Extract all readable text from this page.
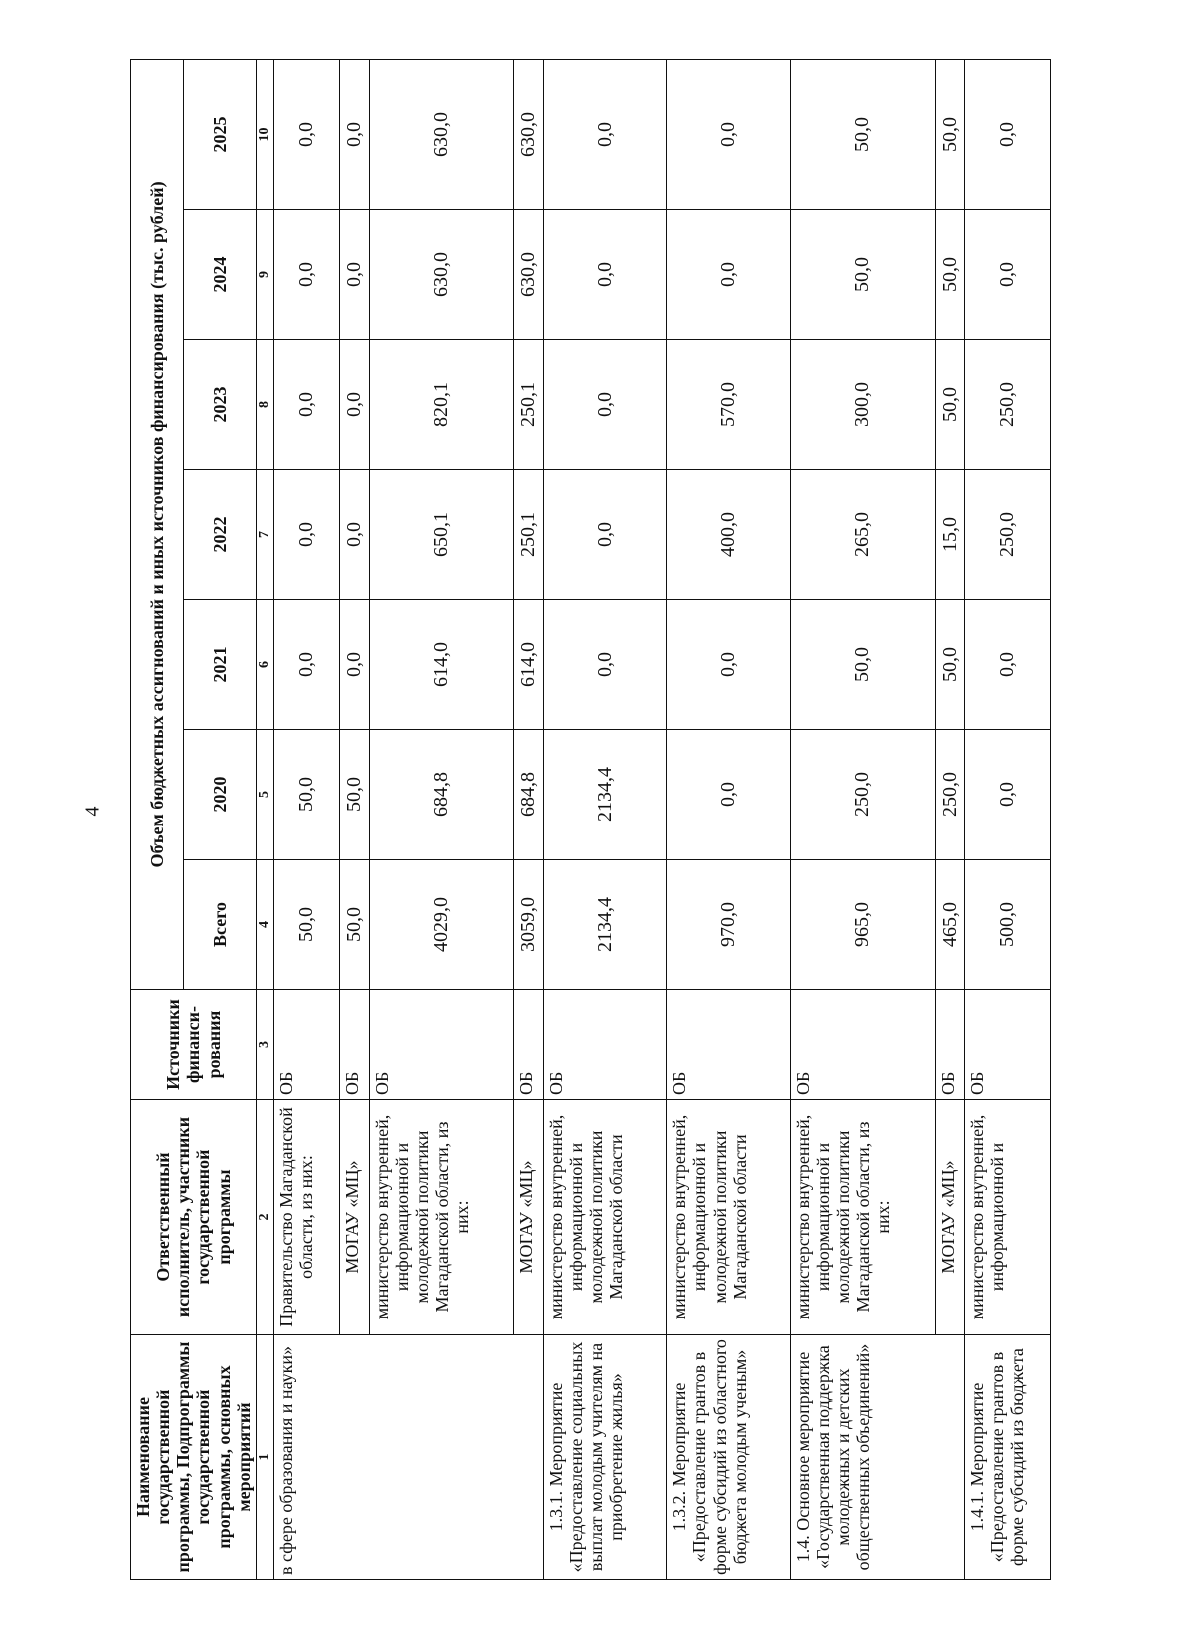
4
Наименование государственной программы, Подпрограммы государственной программы, основных мероприятий	Ответственный исполнитель, участники государственной программы	Источники финанси- рования	Объем бюджетных ассигнований и иных источников финансирования (тыс. рублей)						
			Всего	2020	2021	2022	2023	2024	2025
1	2	3	4	5	6	7	8	9	10
в сфере образования и науки»	Правительство Магаданской области, из них:	ОБ	50,0	50,0	0,0	0,0	0,0	0,0	0,0
	МОГАУ «МЦ»	ОБ	50,0	50,0	0,0	0,0	0,0	0,0	0,0
	министерство внутренней, информационной и молодежной политики Магаданской области, из них:	ОБ	4029,0	684,8	614,0	650,1	820,1	630,0	630,0
	МОГАУ «МЦ»	ОБ	3059,0	684,8	614,0	250,1	250,1	630,0	630,0
1.3.1. Мероприятие «Предоставление социальных выплат молодым учителям на приобретение жилья»	министерство внутренней, информационной и молодежной политики Магаданской области	ОБ	2134,4	2134,4	0,0	0,0	0,0	0,0	0,0
1.3.2. Мероприятие «Предоставление грантов в форме субсидий из областного бюджета молодым ученым»	министерство внутренней, информационной и молодежной политики Магаданской области	ОБ	970,0	0,0	0,0	400,0	570,0	0,0	0,0
1.4. Основное мероприятие «Государственная поддержка молодежных и детских общественных объединений»	министерство внутренней, информационной и молодежной политики Магаданской области, из них:	ОБ	965,0	250,0	50,0	265,0	300,0	50,0	50,0
	МОГАУ «МЦ»	ОБ	465,0	250,0	50,0	15,0	50,0	50,0	50,0
1.4.1. Мероприятие «Предоставление грантов в форме субсидий из бюджета	министерство внутренней, информационной и	ОБ	500,0	0,0	0,0	250,0	250,0	0,0	0,0
